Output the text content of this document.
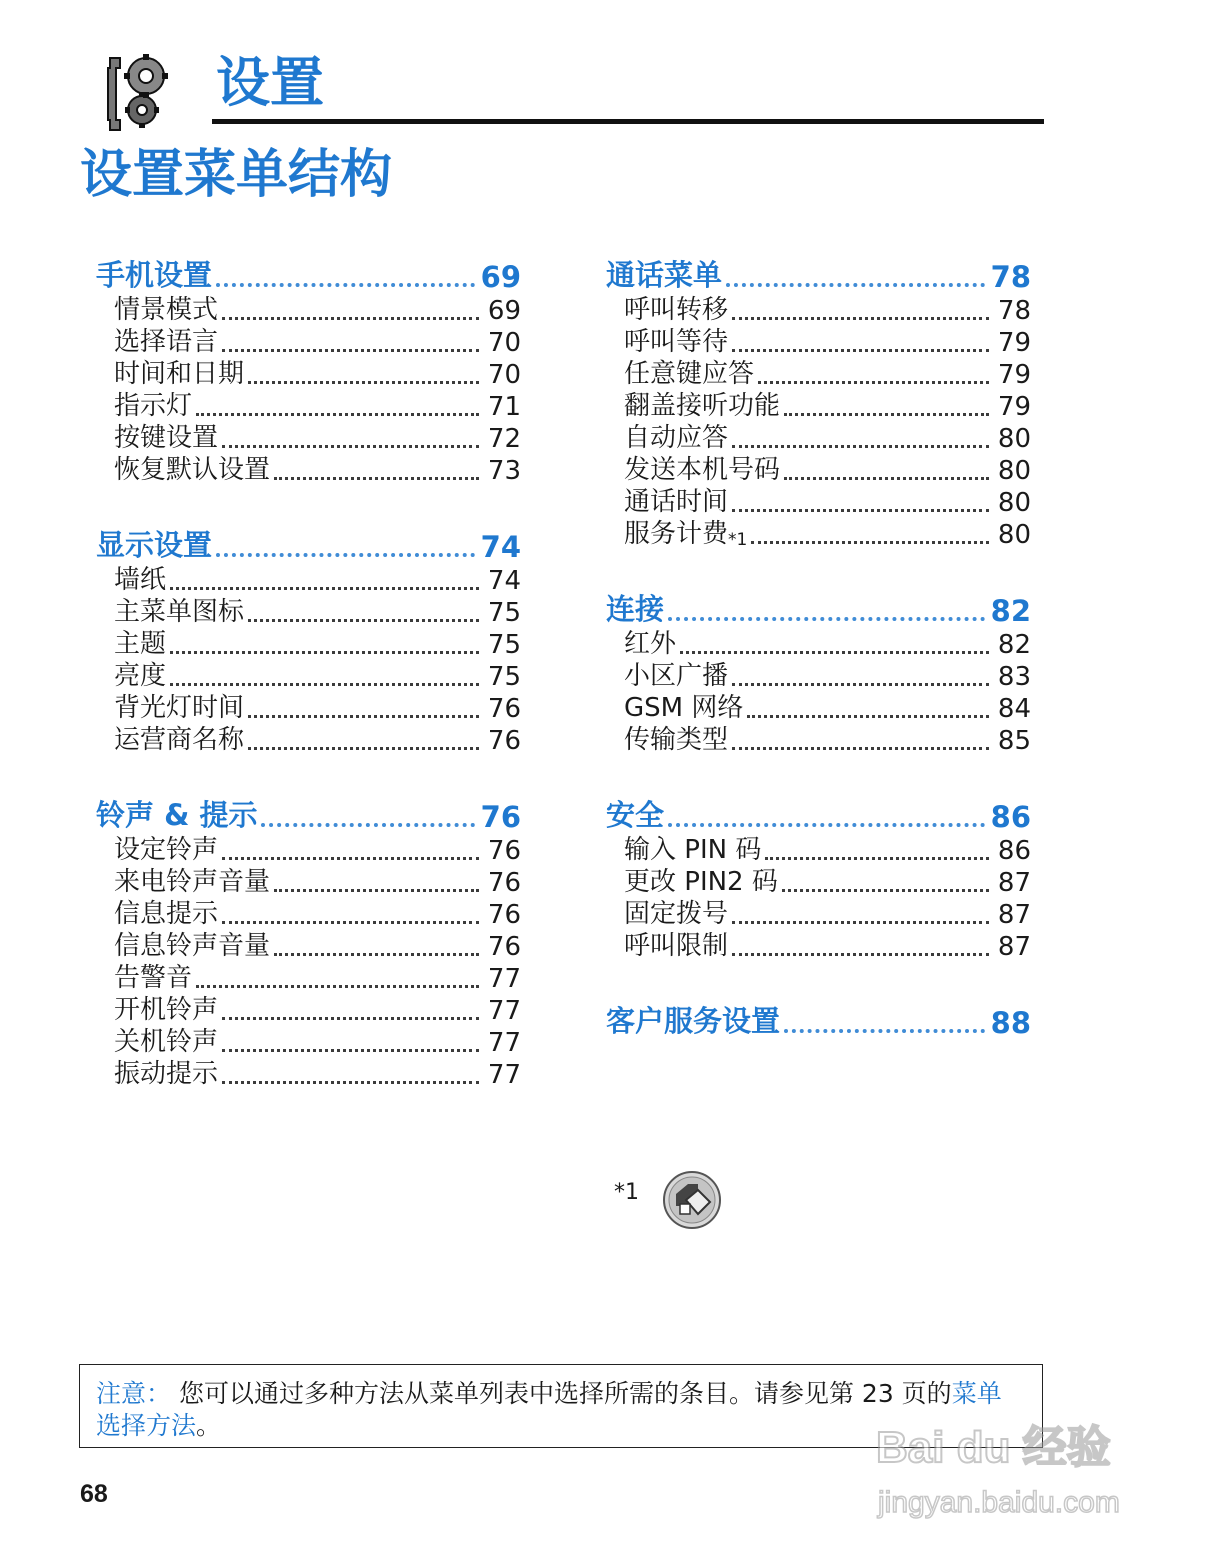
设置
设置菜单结构
手机设置	69
情景模式	69
选择语言	70
时间和日期	70
指示灯	71
按键设置	72
恢复默认设置	73
显示设置	74
墙纸	74
主菜单图标	75
主题	75
亮度	75
背光灯时间	76
运营商名称	76
铃声 & 提示	76
设定铃声	76
来电铃声音量	76
信息提示	76
信息铃声音量	76
告警音	77
开机铃声	77
关机铃声	77
振动提示	77
通话菜单	78
呼叫转移	78
呼叫等待	79
任意键应答	79
翻盖接听功能	79
自动应答	80
发送本机号码	80
通话时间	80
服务计费$_{*1}$	80
连接	82
红外	82
小区广播	83
GSM 网络	84
传输类型	85
安全	86
输入 PIN 码	86
更改 PIN2 码	87
固定拨号	87
呼叫限制	87
客户服务设置	88
*1
注意： 您可以通过多种方法从菜单列表中选择所需的条目。请参见第 23 页的菜单选择方法。
68
Bai du 经验
jingyan.baidu.com
